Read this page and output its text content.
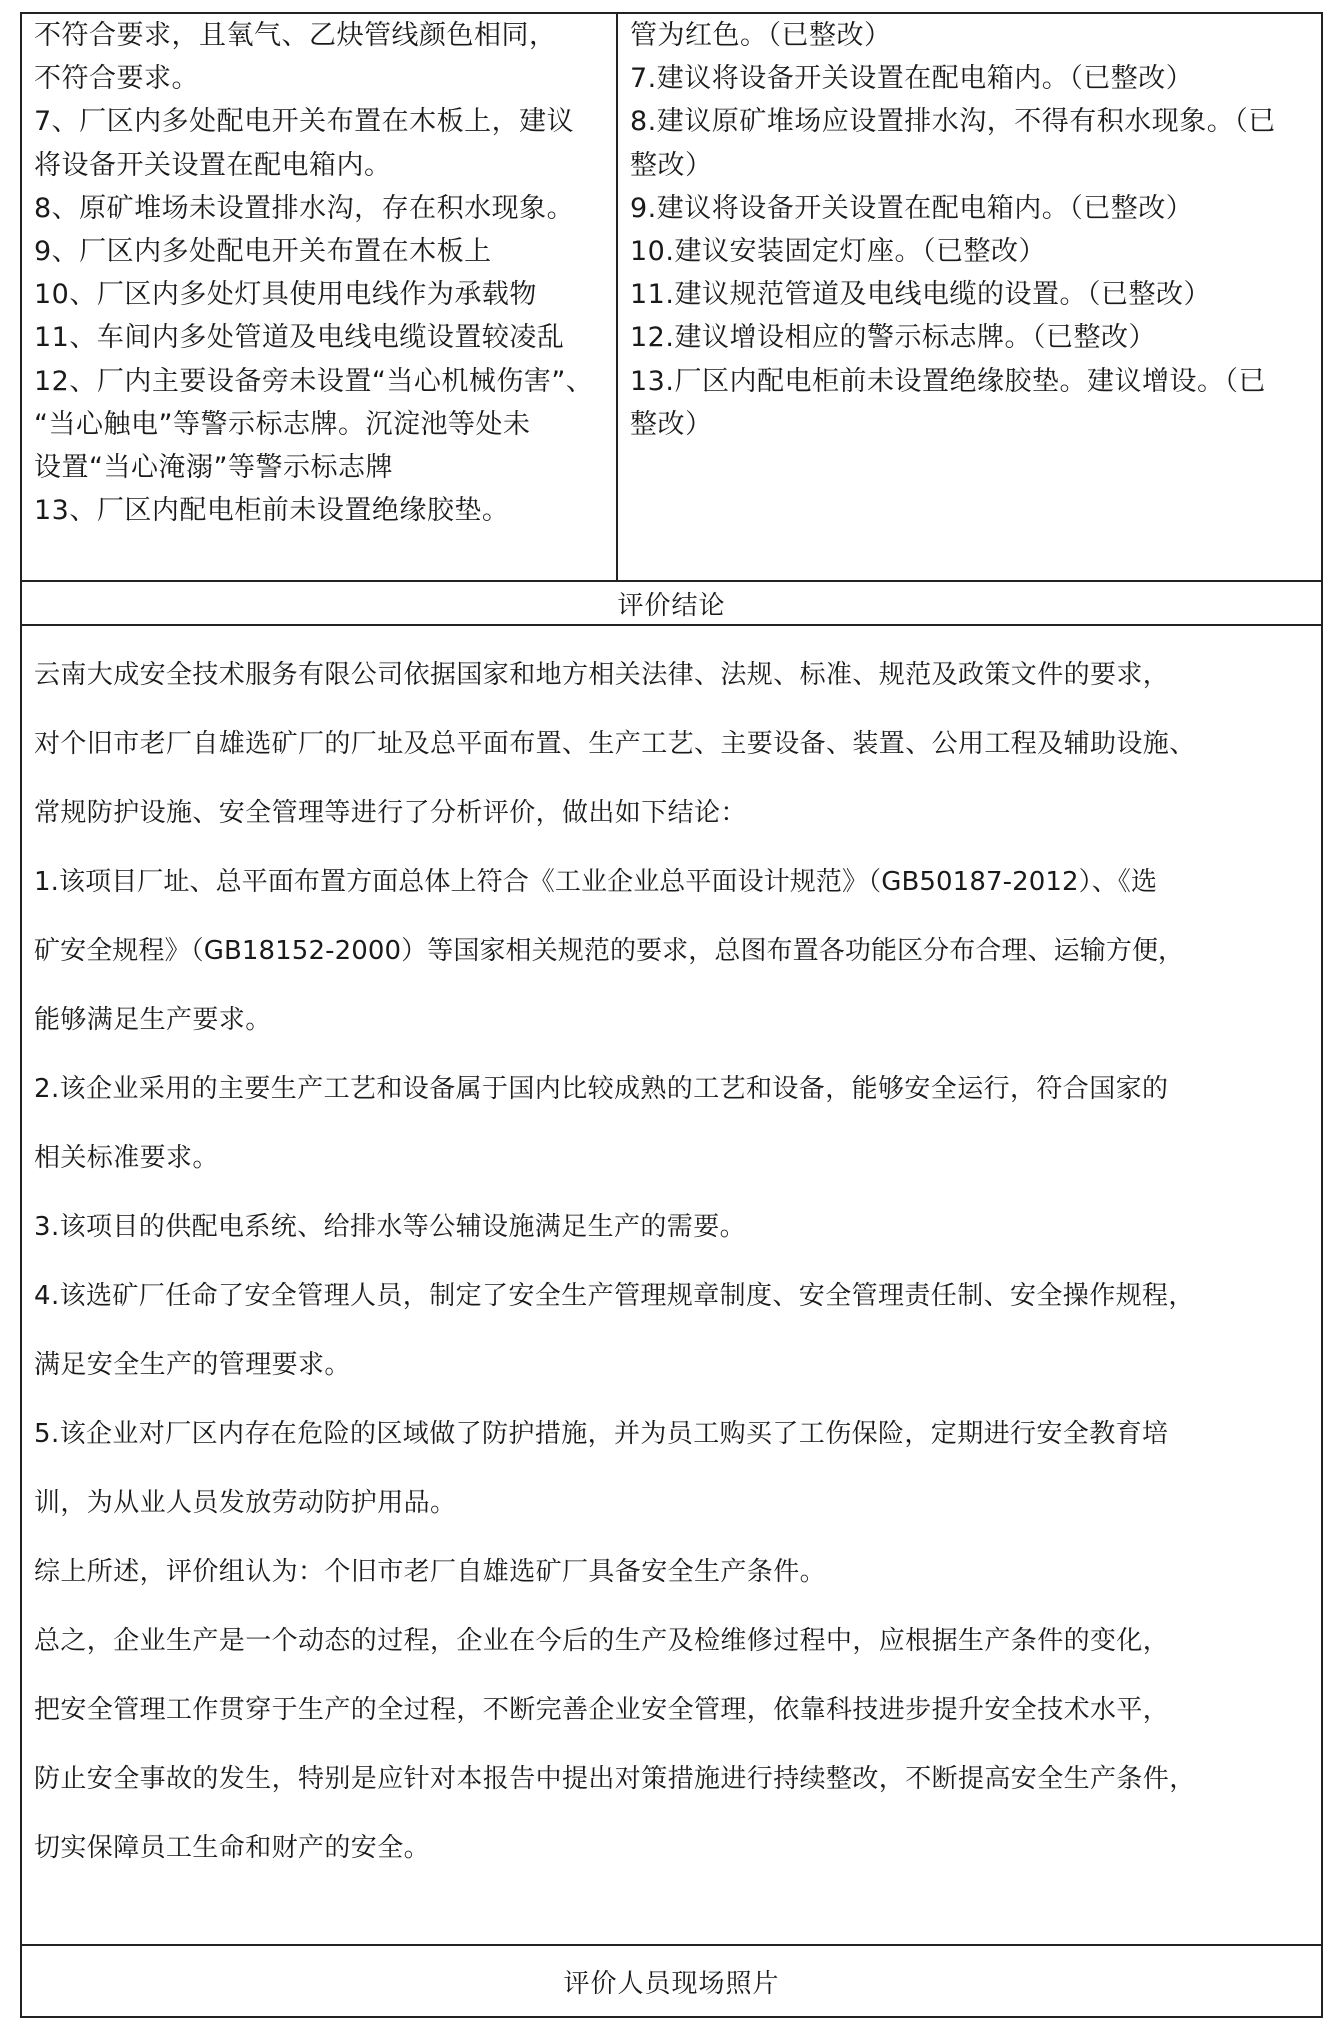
不符合要求，且氧气、乙炔管线颜色相同，
不符合要求。
7、厂区内多处配电开关布置在木板上，建议
将设备开关设置在配电箱内。
8、原矿堆场未设置排水沟，存在积水现象。
9、厂区内多处配电开关布置在木板上
10、厂区内多处灯具使用电线作为承载物
11、车间内多处管道及电线电缆设置较凌乱
12、厂内主要设备旁未设置“当心机械伤害”、
“当心触电”等警示标志牌。沉淀池等处未
设置“当心淹溺”等警示标志牌
13、厂区内配电柜前未设置绝缘胶垫。

管为红色。（已整改）
7.建议将设备开关设置在配电箱内。（已整改）
8.建议原矿堆场应设置排水沟，不得有积水现象。（已
整改）
9.建议将设备开关设置在配电箱内。（已整改）
10.建议安装固定灯座。（已整改）
11.建议规范管道及电线电缆的设置。（已整改）
12.建议增设相应的警示标志牌。（已整改）
13.厂区内配电柜前未设置绝缘胶垫。建议增设。（已
整改）

评价结论

云南大成安全技术服务有限公司依据国家和地方相关法律、法规、标准、规范及政策文件的要求，
对个旧市老厂自雄选矿厂的厂址及总平面布置、生产工艺、主要设备、装置、公用工程及辅助设施、
常规防护设施、安全管理等进行了分析评价，做出如下结论：
1.该项目厂址、总平面布置方面总体上符合《工业企业总平面设计规范》（GB50187-2012）、《选
矿安全规程》（GB18152-2000）等国家相关规范的要求，总图布置各功能区分布合理、运输方便，
能够满足生产要求。
2.该企业采用的主要生产工艺和设备属于国内比较成熟的工艺和设备，能够安全运行，符合国家的
相关标准要求。
3.该项目的供配电系统、给排水等公辅设施满足生产的需要。
4.该选矿厂任命了安全管理人员，制定了安全生产管理规章制度、安全管理责任制、安全操作规程，
满足安全生产的管理要求。
5.该企业对厂区内存在危险的区域做了防护措施，并为员工购买了工伤保险，定期进行安全教育培
训，为从业人员发放劳动防护用品。
综上所述，评价组认为：个旧市老厂自雄选矿厂具备安全生产条件。
总之，企业生产是一个动态的过程，企业在今后的生产及检维修过程中，应根据生产条件的变化，
把安全管理工作贯穿于生产的全过程，不断完善企业安全管理，依靠科技进步提升安全技术水平，
防止安全事故的发生，特别是应针对本报告中提出对策措施进行持续整改，不断提高安全生产条件，
切实保障员工生命和财产的安全。

评价人员现场照片
